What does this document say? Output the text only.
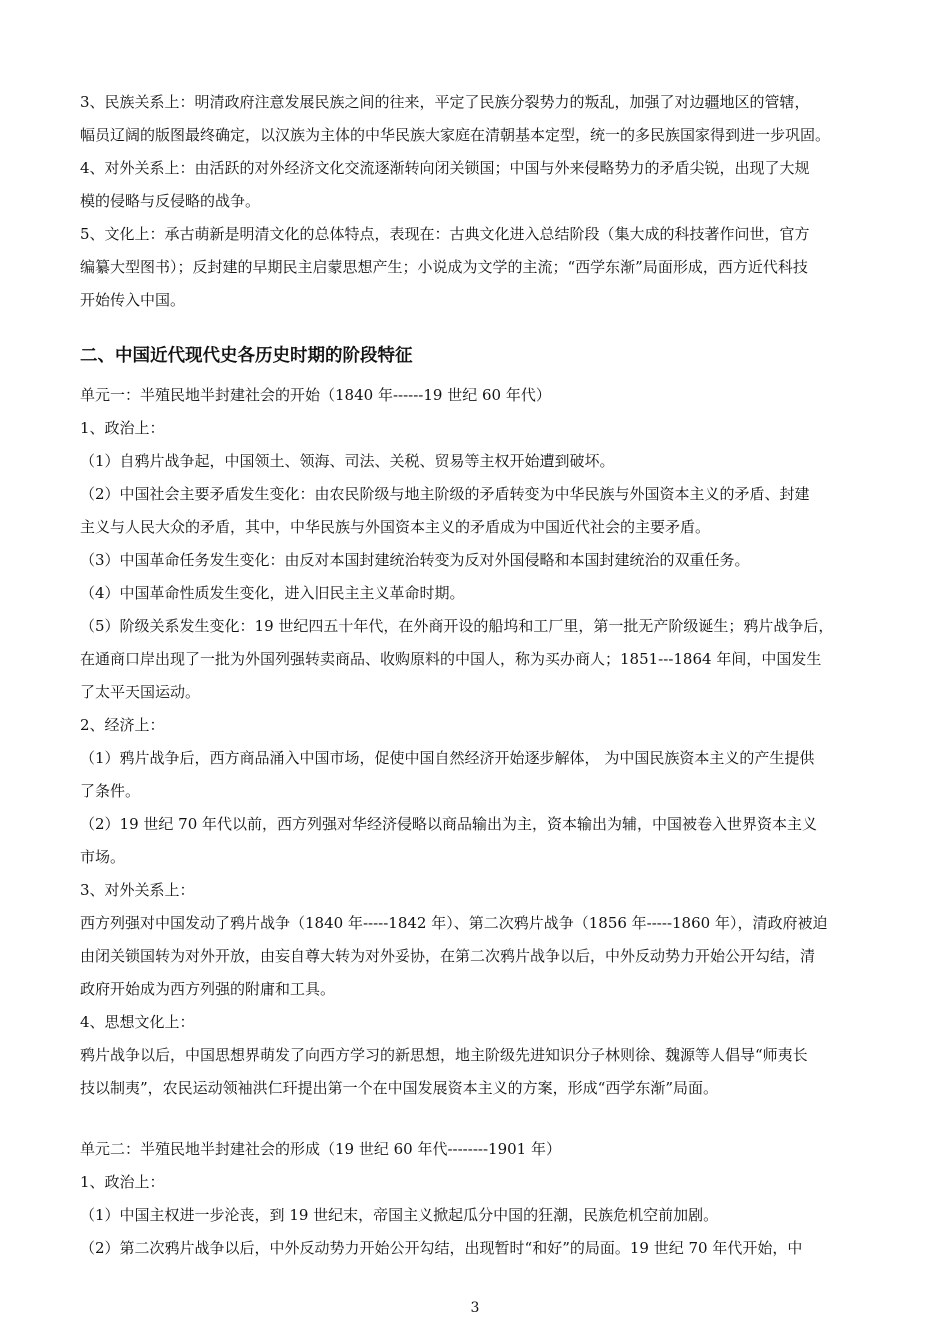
3、民族关系上：明清政府注意发展民族之间的往来，平定了民族分裂势力的叛乱，加强了对边疆地区的管辖，
幅员辽阔的版图最终确定，以汉族为主体的中华民族大家庭在清朝基本定型，统一的多民族国家得到进一步巩固。
4、对外关系上：由活跃的对外经济文化交流逐渐转向闭关锁国；中国与外来侵略势力的矛盾尖锐，出现了大规
模的侵略与反侵略的战争。
5、文化上：承古萌新是明清文化的总体特点，表现在：古典文化进入总结阶段（集大成的科技著作问世，官方
编纂大型图书）；反封建的早期民主启蒙思想产生；小说成为文学的主流；“西学东渐”局面形成，西方近代科技
开始传入中国。
二、中国近代现代史各历史时期的阶段特征
单元一：半殖民地半封建社会的开始（1840 年------19 世纪 60 年代）
1、政治上：
（1）自鸦片战争起，中国领土、领海、司法、关税、贸易等主权开始遭到破坏。
（2）中国社会主要矛盾发生变化：由农民阶级与地主阶级的矛盾转变为中华民族与外国资本主义的矛盾、封建
主义与人民大众的矛盾，其中，中华民族与外国资本主义的矛盾成为中国近代社会的主要矛盾。
（3）中国革命任务发生变化：由反对本国封建统治转变为反对外国侵略和本国封建统治的双重任务。
（4）中国革命性质发生变化，进入旧民主主义革命时期。
（5）阶级关系发生变化：19 世纪四五十年代，在外商开设的船坞和工厂里，第一批无产阶级诞生；鸦片战争后，
在通商口岸出现了一批为外国列强转卖商品、收购原料的中国人，称为买办商人；1851---1864 年间，中国发生
了太平天国运动。
2、经济上：
（1）鸦片战争后，西方商品涌入中国市场，促使中国自然经济开始逐步解体， 为中国民族资本主义的产生提供
了条件。
（2）19 世纪 70 年代以前，西方列强对华经济侵略以商品输出为主，资本输出为辅，中国被卷入世界资本主义
市场。
3、对外关系上：
西方列强对中国发动了鸦片战争（1840 年-----1842 年）、第二次鸦片战争（1856 年-----1860 年），清政府被迫
由闭关锁国转为对外开放，由妄自尊大转为对外妥协，在第二次鸦片战争以后，中外反动势力开始公开勾结，清
政府开始成为西方列强的附庸和工具。
4、思想文化上：
鸦片战争以后，中国思想界萌发了向西方学习的新思想，地主阶级先进知识分子林则徐、魏源等人倡导“师夷长
技以制夷”，农民运动领袖洪仁玕提出第一个在中国发展资本主义的方案，形成“西学东渐”局面。
单元二：半殖民地半封建社会的形成（19 世纪 60 年代--------1901 年）
1、政治上：
（1）中国主权进一步沦丧，到 19 世纪末，帝国主义掀起瓜分中国的狂潮，民族危机空前加剧。
（2）第二次鸦片战争以后，中外反动势力开始公开勾结，出现暂时“和好”的局面。19 世纪 70 年代开始，中
3
